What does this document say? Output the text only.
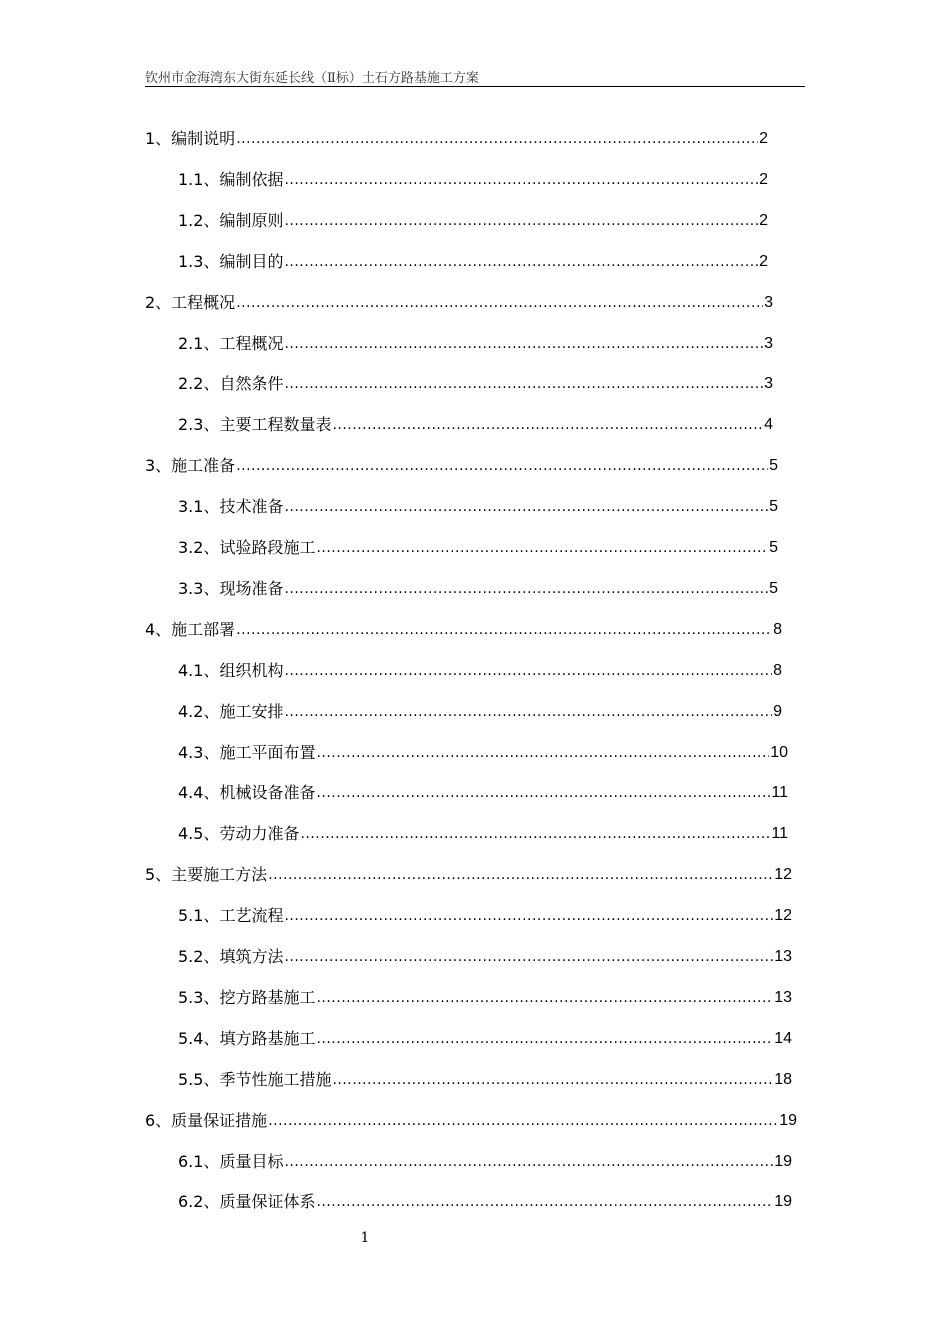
钦州市金海湾东大街东延长线（Ⅱ标）土石方路基施工方案
1、编制说明 .....	2
1.1、编制依据 .....	2
1.2、编制原则 .....	2
1.3、编制目的 .....	2
2、工程概况 .....	3
2.1、工程概况 .....	3
2.2、自然条件 .....	3
2.3、主要工程数量表 .....	4
3、施工准备 .....	5
3.1、技术准备 .....	5
3.2、试验路段施工 .....	5
3.3、现场准备 .....	5
4、施工部署 .....	8
4.1、组织机构 .....	8
4.2、施工安排 .....	9
4.3、施工平面布置 .....	10
4.4、机械设备准备 .....	11
4.5、劳动力准备 .....	11
5、主要施工方法 .....	12
5.1、工艺流程 .....	12
5.2、填筑方法 .....	13
5.3、挖方路基施工 .....	13
5.4、填方路基施工 .....	14
5.5、季节性施工措施 .....	18
6、质量保证措施 .....	19
6.1、质量目标 .....	19
6.2、质量保证体系 .....	19
1
